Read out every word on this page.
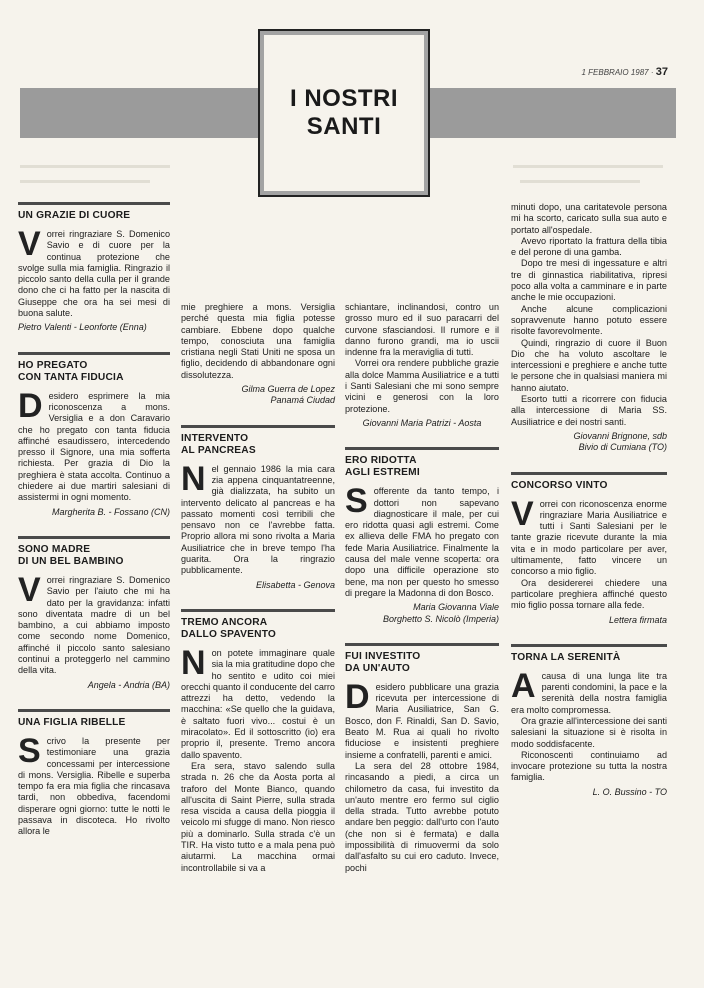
1 FEBBRAIO 1987 · 37
I NOSTRI
SANTI
UN GRAZIE DI CUORE

Vorrei ringraziare S. Domenico Savio e di cuore per la continua protezione che svolge sulla mia famiglia. Ringrazio il piccolo santo della culla per il grande dono che ci ha fatto per la nascita di Giuseppe che ora ha sei mesi di buona salute.

Pietro Valenti - Leonforte (Enna)
HO PREGATO
CON TANTA FIDUCIA

Desidero esprimere la mia riconoscenza a mons. Versiglia e a don Caravario che ho pregato con tanta fiducia affinché esaudissero, intercedendo presso il Signore, una mia sofferta richiesta. Per grazia di Dio la preghiera è stata accolta. Continuo a chiedere ai due martiri salesiani di assistermi in ogni momento.

Margherita B. - Fossano (CN)
SONO MADRE
DI UN BEL BAMBINO

Vorrei ringraziare S. Domenico Savio per l'aiuto che mi ha dato per la gravidanza: infatti sono diventata madre di un bel bambino, a cui abbiamo imposto come secondo nome Domenico, affinché il piccolo santo salesiano continui a proteggerlo nel cammino della vita.

Angela - Andria (BA)
UNA FIGLIA RIBELLE

Scrivo la presente per testimoniare una grazia concessami per intercessione di mons. Versiglia. Ribelle e superba tempo fa era mia figlia che rincasava tardi, non obbediva, facendomi disperare ogni giorno: tutte le notti le passava in discoteca. Ho rivolto allora le

mie preghiere a mons. Versiglia perché questa mia figlia potesse cambiare. Ebbene dopo qualche tempo, conosciuta una famiglia cristiana negli Stati Uniti ne sposa un figlio, decidendo di abbandonare ogni dissolutezza.

Gilma Guerra de Lopez
Panamá Ciudad
INTERVENTO
AL PANCREAS

Nel gennaio 1986 la mia cara zia appena cinquantatreenne, già dializzata, ha subito un intervento delicato al pancreas e ha passato momenti così terribili che pensavo non ce l'avrebbe fatta. Proprio allora mi sono rivolta a Maria Ausiliatrice che in breve tempo l'ha guarita. Ora la ringrazio pubblicamente.

Elisabetta - Genova
TREMO ANCORA
DALLO SPAVENTO

Non potete immaginare quale sia la mia gratitudine dopo che ho sentito e udito coi miei orecchi quanto il conducente del carro attrezzi ha detto, vedendo la macchina: «Se quello che la guidava, è saltato fuori vivo... costui è un miracolato». Ed il sottoscritto (io) era proprio il, presente. Tremo ancora dallo spavento.

Era sera, stavo salendo sulla strada n. 26 che da Aosta porta al traforo del Monte Bianco, quando all'uscita di Saint Pierre, sulla strada resa viscida a causa della pioggia il veicolo mi sfugge di mano. Non riesco più a dominarlo. Sulla strada c'è un TIR. Ha visto tutto e a mala pena può aiutarmi. La macchina ormai incontrollabile si va a

schiantare, inclinandosi, contro un grosso muro ed il suo paracarri del curvone sfasciandosi. Il rumore e il danno furono grandi, ma io uscii indenne fra la meraviglia di tutti.

Vorrei ora rendere pubbliche grazie alla dolce Mamma Ausiliatrice e a tutti i Santi Salesiani che mi sono sempre vicini e generosi con la loro protezione.

Giovanni Maria Patrizi - Aosta
ERO RIDOTTA
AGLI ESTREMI

Sofferente da tanto tempo, i dottori non sapevano diagnosticare il male, per cui ero ridotta quasi agli estremi. Come ex allieva delle FMA ho pregato con fede Maria Ausiliatrice. Finalmente la causa del male venne scoperta: ora dopo una difficile operazione sto bene, ma non per questo ho smesso di pregare la Madonna di don Bosco.

Maria Giovanna Viale
Borghetto S. Nicolò (Imperia)
FUI INVESTITO
DA UN'AUTO

Desidero pubblicare una grazia ricevuta per intercessione di Maria Ausiliatrice, San G. Bosco, don F. Rinaldi, San D. Savio, Beato M. Rua ai quali ho rivolto fiduciose e insistenti preghiere insieme a confratelli, parenti e amici.

La sera del 28 ottobre 1984, rincasando a piedi, a circa un chilometro da casa, fui investito da un'auto mentre ero fermo sul ciglio della strada. Tutto avrebbe potuto andare ben peggio: dall'urto con l'auto (che non si è fermata) e dalla impossibilità di rimuovermi da solo dall'asfalto su cui ero caduto. Invece, pochi

minuti dopo, una caritatevole persona mi ha scorto, caricato sulla sua auto e portato all'ospedale.

Avevo riportato la frattura della tibia e del perone di una gamba.

Dopo tre mesi di ingessature e altri tre di ginnastica riabilitativa, ripresi poco alla volta a camminare e in parte anche le mie occupazioni.

Anche alcune complicazioni sopravvenute hanno potuto essere risolte favorevolmente.

Quindi, ringrazio di cuore il Buon Dio che ha voluto ascoltare le intercessioni e preghiere e anche tutte le persone che in qualsiasi maniera mi hanno aiutato.

Esorto tutti a ricorrere con fiducia alla intercessione di Maria SS. Ausiliatrice e dei nostri santi.

Giovanni Brignone, sdb
Bivio di Cumiana (TO)
CONCORSO VINTO

Vorrei con riconoscenza enorme ringraziare Maria Ausiliatrice e tutti i Santi Salesiani per le tante grazie ricevute durante la mia vita e in modo particolare per aver, ultimamente, fatto vincere un concorso a mio figlio.

Ora desidererei chiedere una particolare preghiera affinché questo mio figlio possa tornare alla fede.

Lettera firmata
TORNA LA SERENITÀ

Acausa di una lunga lite tra parenti condomini, la pace e la serenità della nostra famiglia era molto compromessa.

Ora grazie all'intercessione dei santi salesiani la situazione si è risolta in modo soddisfacente.

Riconoscenti continuiamo ad invocare protezione su tutta la nostra famiglia.

L. O. Bussino - TO
